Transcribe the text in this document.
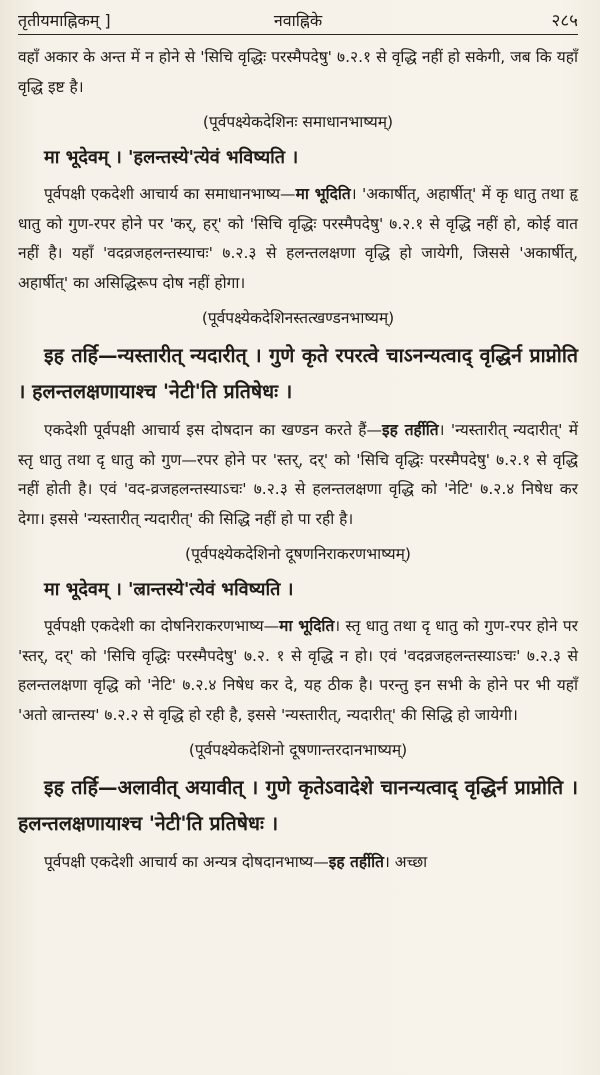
तृतीयमाह्निकम् ]	नवाह्निके	२८५

वहाँ अकार के अन्त में न होने से 'सिचि वृद्धिः परस्मैपदेषु' ७.२.१ से वृद्धि नहीं हो सकेगी, जब कि यहाँ वृद्धि इष्ट है।

(पूर्वपक्ष्येकदेशिनः समाधानभाष्यम्)

मा भूदेवम् । 'हलन्तस्ये'त्येवं भविष्यति ।

पूर्वपक्षी एकदेशी आचार्य का समाधानभाष्य—मा भूदिति। 'अकार्षीत्, अहार्षीत्' में कृ धातु तथा हृ धातु को गुण-रपर होने पर 'कर्, हर्' को 'सिचि वृद्धिः परस्मैपदेषु' ७.२.१ से वृद्धि नहीं हो, कोई वात नहीं है। यहाँ 'वदव्रजहलन्तस्याचः' ७.२.३ से हलन्तलक्षणा वृद्धि हो जायेगी, जिससे 'अकार्षीत्, अहार्षीत्' का असिद्धिरूप दोष नहीं होगा।

(पूर्वपक्ष्येकदेशिनस्तत्खण्डनभाष्यम्)

इह तर्हि—न्यस्तारीत् न्यदारीत् । गुणे कृते रपरत्वे चाऽनन्यत्वाद् वृद्धिर्न प्राप्नोति । हलन्तलक्षणायाश्च 'नेटी'ति प्रतिषेधः ।

एकदेशी पूर्वपक्षी आचार्य इस दोषदान का खण्डन करते हैं—इह तर्हीति। 'न्यस्तारीत् न्यदारीत्' में स्तृ धातु तथा दृ धातु को गुण—रपर होने पर 'स्तर्, दर्' को 'सिचि वृद्धिः परस्मैपदेषु' ७.२.१ से वृद्धि नहीं होती है। एवं 'वद-व्रजहलन्तस्याऽचः' ७.२.३ से हलन्तलक्षणा वृद्धि को 'नेटि' ७.२.४ निषेध कर देगा। इससे 'न्यस्तारीत् न्यदारीत्' की सिद्धि नहीं हो पा रही है।

(पूर्वपक्ष्येकदेशिनो दूषणनिराकरणभाष्यम्)

मा भूदेवम् । 'ल्रान्तस्ये'त्येवं भविष्यति ।

पूर्वपक्षी एकदेशी का दोषनिराकरणभाष्य—मा भूदिति। स्तृ धातु तथा दृ धातु को गुण-रपर होने पर 'स्तर्, दर्' को 'सिचि वृद्धिः परस्मैपदेषु' ७.२. १ से वृद्धि न हो। एवं 'वदव्रजहलन्तस्याऽचः' ७.२.३ से हलन्तलक्षणा वृद्धि को 'नेटि' ७.२.४ निषेध कर दे, यह ठीक है। परन्तु इन सभी के होने पर भी यहाँ 'अतो ल्रान्तस्य' ७.२.२ से वृद्धि हो रही है, इससे 'न्यस्तारीत्, न्यदारीत्' की सिद्धि हो जायेगी।

(पूर्वपक्ष्येकदेशिनो दूषणान्तरदानभाष्यम्)

इह तर्हि—अलावीत् अयावीत् । गुणे कृतेऽवादेशे चानन्यत्वाद् वृद्धिर्न प्राप्नोति । हलन्तलक्षणायाश्च 'नेटी'ति प्रतिषेधः ।

पूर्वपक्षी एकदेशी आचार्य का अन्यत्र दोषदानभाष्य—इह तर्हीति। अच्छा
